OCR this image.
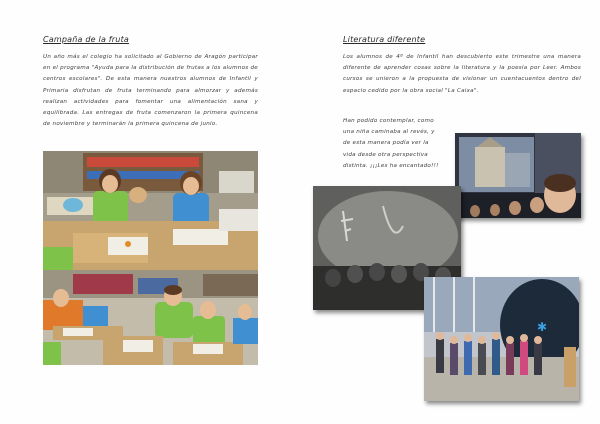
Campaña de la fruta
Un año más el colegio ha solicitado al Gobierno de Aragón participar en el programa "Ayuda para la distribución de frutas a los alumnos de centros escolares". De esta manera nuestros alumnos de Infantil y Primaria disfrutan de fruta terminando para almorzar y además realizan actividades para fomentar una alimentación sana y equilibrada. Las entregas de fruta comenzaron la primera quincena de noviembre y terminarán la primera quincena de junio.
Literatura diferente
Los alumnos de 4º de Infantil han descubierto este trimestre una manera diferente de aprender cosas sobre la literatura y la poesía por Leer. Ambos cursos se unieron a la propuesta de visionar un cuentacuentos dentro del espacio cedido por la obra social "La Caixa".
Han podido contemplar, como una niña caminaba al revés, y de esta manera podía ver la vida desde otra perspectiva distinta. ¡¡¡Les ha encantado!!!
✱
